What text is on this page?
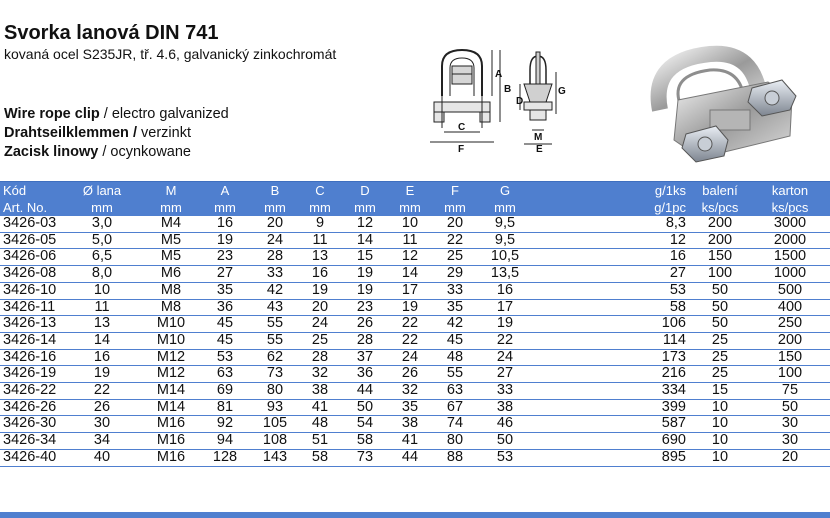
Svorka lanová DIN 741
kovaná ocel S235JR, tř. 4.6, galvanický zinkochromát
Wire rope clip / electro galvanized
Drahtseilklemmen / verzinkt
Zacisk linowy / ocynkowane
A
B
C
D
E
F
G
M
Kód	Ø lana	M	A	B	C	D	E	F	G	g/1ks	balení	karton
Art. No.	mm	mm	mm	mm	mm	mm	mm	mm	mm	g/1pc	ks/pcs	ks/pcs
3426-03	3,0	M4	16	20	9	12	10	20	9,5	8,3	200	3000
3426-05	5,0	M5	19	24	11	14	11	22	9,5	12	200	2000
3426-06	6,5	M5	23	28	13	15	12	25	10,5	16	150	1500
3426-08	8,0	M6	27	33	16	19	14	29	13,5	27	100	1000
3426-10	10	M8	35	42	19	19	17	33	16	53	50	500
3426-11	11	M8	36	43	20	23	19	35	17	58	50	400
3426-13	13	M10	45	55	24	26	22	42	19	106	50	250
3426-14	14	M10	45	55	25	28	22	45	22	114	25	200
3426-16	16	M12	53	62	28	37	24	48	24	173	25	150
3426-19	19	M12	63	73	32	36	26	55	27	216	25	100
3426-22	22	M14	69	80	38	44	32	63	33	334	15	75
3426-26	26	M14	81	93	41	50	35	67	38	399	10	50
3426-30	30	M16	92	105	48	54	38	74	46	587	10	30
3426-34	34	M16	94	108	51	58	41	80	50	690	10	30
3426-40	40	M16	128	143	58	73	44	88	53	895	10	20
